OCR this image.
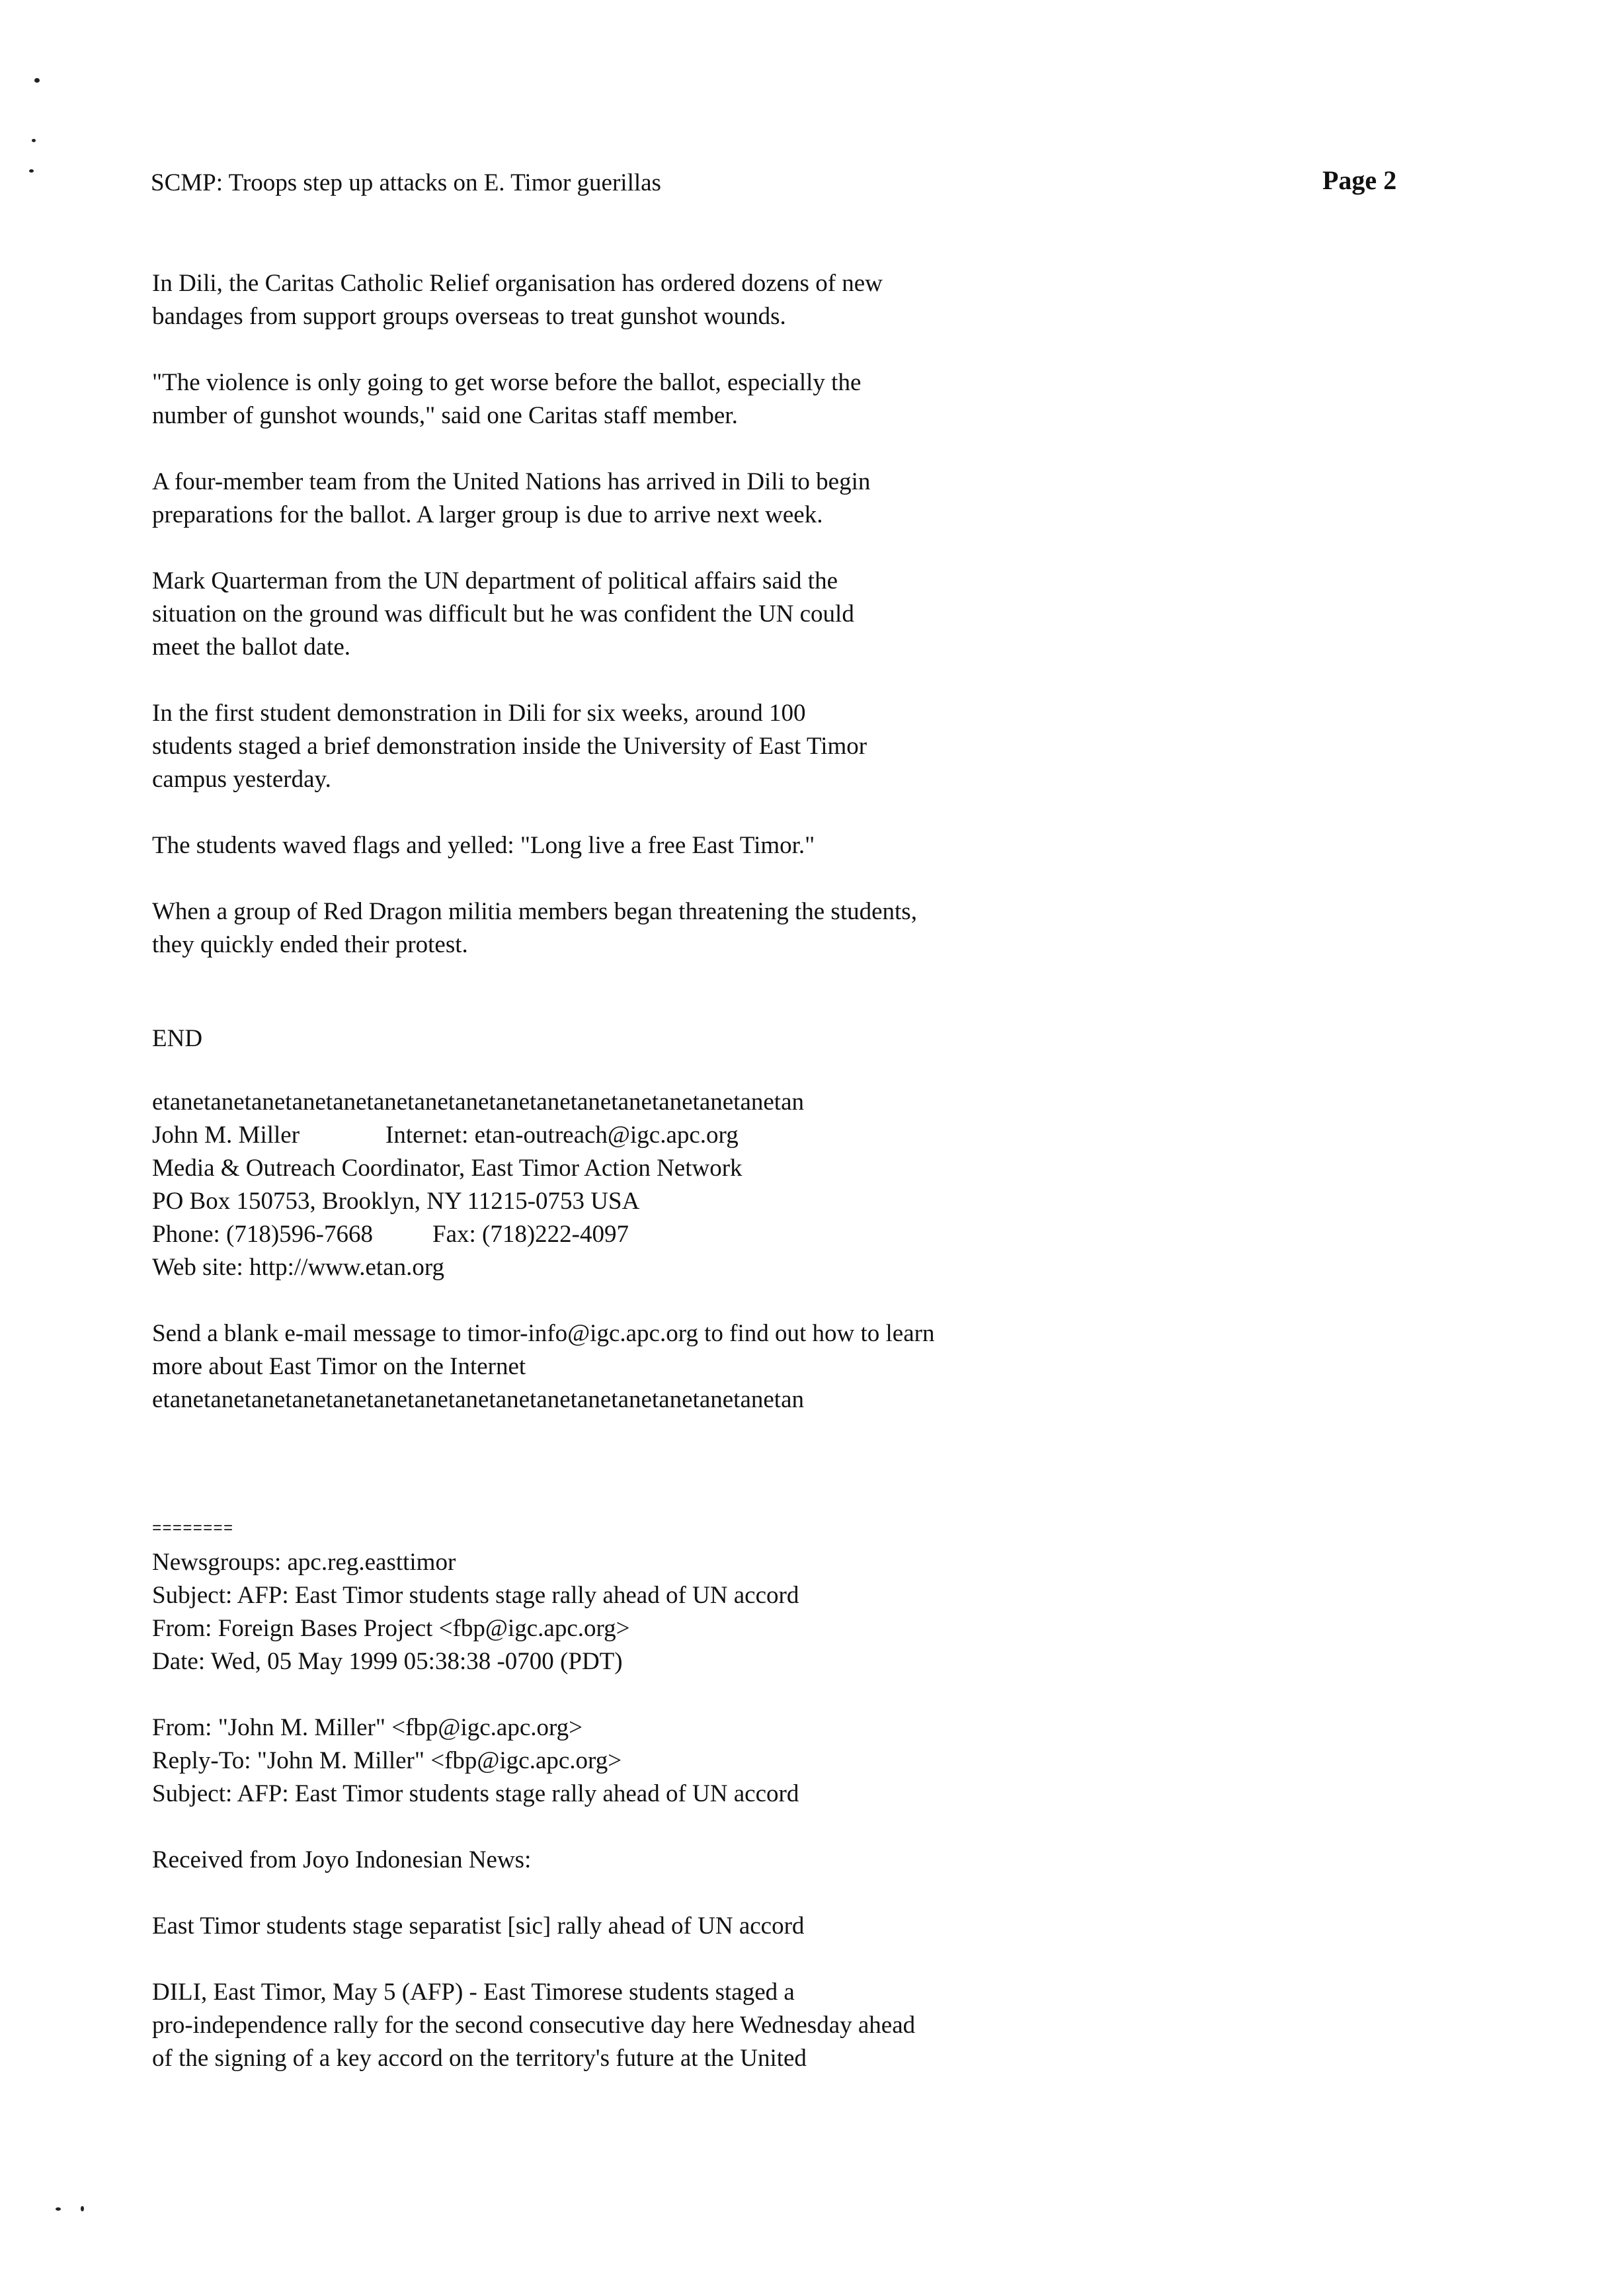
SCMP: Troops step up attacks on E. Timor guerillas	Page 2
In Dili, the Caritas Catholic Relief organisation has ordered dozens of new
bandages from support groups overseas to treat gunshot wounds.
"The violence is only going to get worse before the ballot, especially the
number of gunshot wounds," said one Caritas staff member.
A four-member team from the United Nations has arrived in Dili to begin
preparations for the ballot. A larger group is due to arrive next week.
Mark Quarterman from the UN department of political affairs said the
situation on the ground was difficult but he was confident the UN could
meet the ballot date.
In the first student demonstration in Dili for six weeks, around 100
students staged a brief demonstration inside the University of East Timor
campus yesterday.
The students waved flags and yelled: "Long live a free East Timor."
When a group of Red Dragon militia members began threatening the students,
they quickly ended their protest.
END
etanetanetanetanetanetanetanetanetanetanetanetanetanetanetanetan
John M. Miller	Internet: etan-outreach@igc.apc.org
Media & Outreach Coordinator, East Timor Action Network
PO Box 150753, Brooklyn, NY 11215-0753 USA
Phone: (718)596-7668 Fax: (718)222-4097
Web site: http://www.etan.org
Send a blank e-mail message to timor-info@igc.apc.org to find out how to learn
more about East Timor on the Internet
etanetanetanetanetanetanetanetanetanetanetanetanetanetanetanetan
========
Newsgroups: apc.reg.easttimor
Subject: AFP: East Timor students stage rally ahead of UN accord
From: Foreign Bases Project <fbp@igc.apc.org>
Date: Wed, 05 May 1999 05:38:38 -0700 (PDT)
From: "John M. Miller" <fbp@igc.apc.org>
Reply-To: "John M. Miller" <fbp@igc.apc.org>
Subject: AFP: East Timor students stage rally ahead of UN accord
Received from Joyo Indonesian News:
East Timor students stage separatist [sic] rally ahead of UN accord
DILI, East Timor, May 5 (AFP) - East Timorese students staged a
pro-independence rally for the second consecutive day here Wednesday ahead
of the signing of a key accord on the territory's future at the United
